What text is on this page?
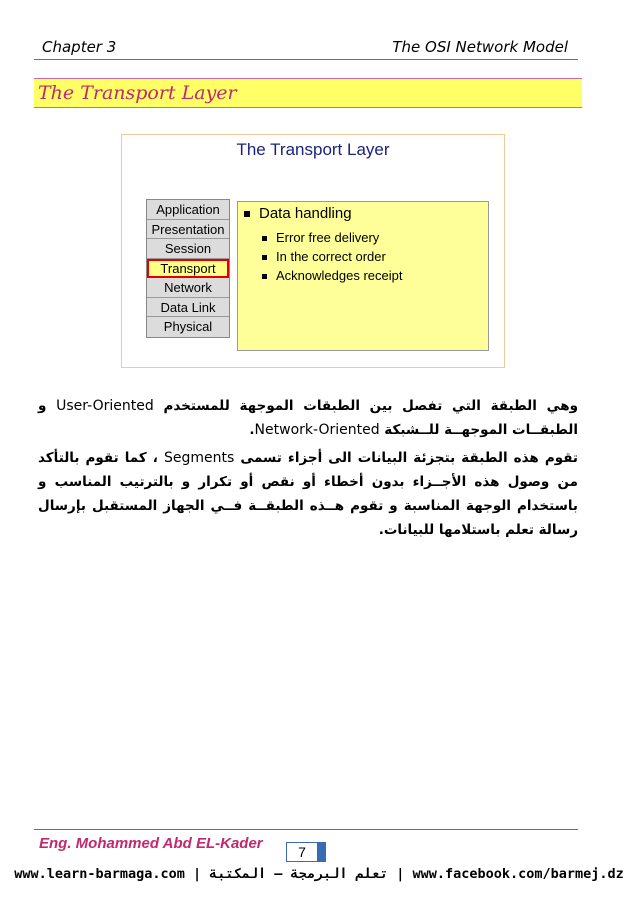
Chapter 3	The OSI Network Model
The Transport Layer
The Transport Layer
Application
Presentation
Session
Transport
Network
Data Link
Physical
Data handling
Error free delivery
In the correct order
Acknowledges receipt
وهي الطبقة التي تفصل بين الطبقات الموجهة للمستخدم User-Oriented و الطبقــات الموجهــة للــشبكة Network-Oriented.
تقوم هذه الطبقة بتجزئة البيانات الى أجزاء تسمى Segments ، كما تقوم بالتأكد من وصول هذه الأجــزاء بدون أخطاء أو نقص أو تكرار و بالترتيب المناسب و باستخدام الوجهة المناسبة و تقوم هــذه الطبقــة فــي الجهاز المستقبل بإرسال رسالة تعلم باستلامها للبيانات.
Eng. Mohammed Abd EL-Kader	7
www.learn-barmaga.com | تعلم البرمجة – المكتبة | www.facebook.com/barmej.dz
